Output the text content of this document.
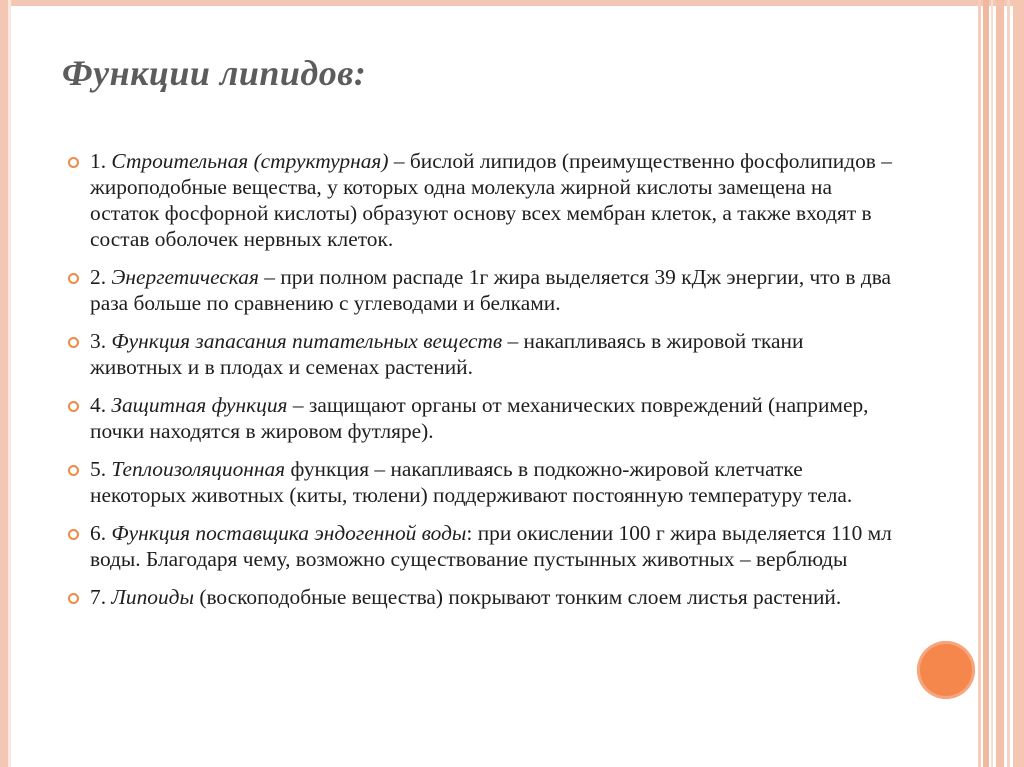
Функции липидов:
1. Строительная (структурная) – бислой липидов (преимущественно фосфолипидов – жироподобные вещества, у которых одна молекула жирной кислоты замещена на остаток фосфорной кислоты) образуют основу всех мембран клеток, а также входят в состав оболочек нервных клеток.
2. Энергетическая – при полном распаде 1г жира выделяется 39 кДж энергии, что в два раза больше по сравнению с углеводами и белками.
3. Функция запасания питательных веществ – накапливаясь в жировой ткани животных и в плодах и семенах растений.
4. Защитная функция – защищают органы от механических повреждений (например, почки находятся в жировом футляре).
5. Теплоизоляционная функция – накапливаясь в подкожно-жировой клетчатке некоторых животных (киты, тюлени) поддерживают постоянную температуру тела.
6. Функция поставщика эндогенной воды: при окислении 100 г жира выделяется 110 мл воды. Благодаря чему, возможно существование пустынных животных – верблюды
7. Липоиды (воскоподобные вещества) покрывают тонким слоем листья растений.
